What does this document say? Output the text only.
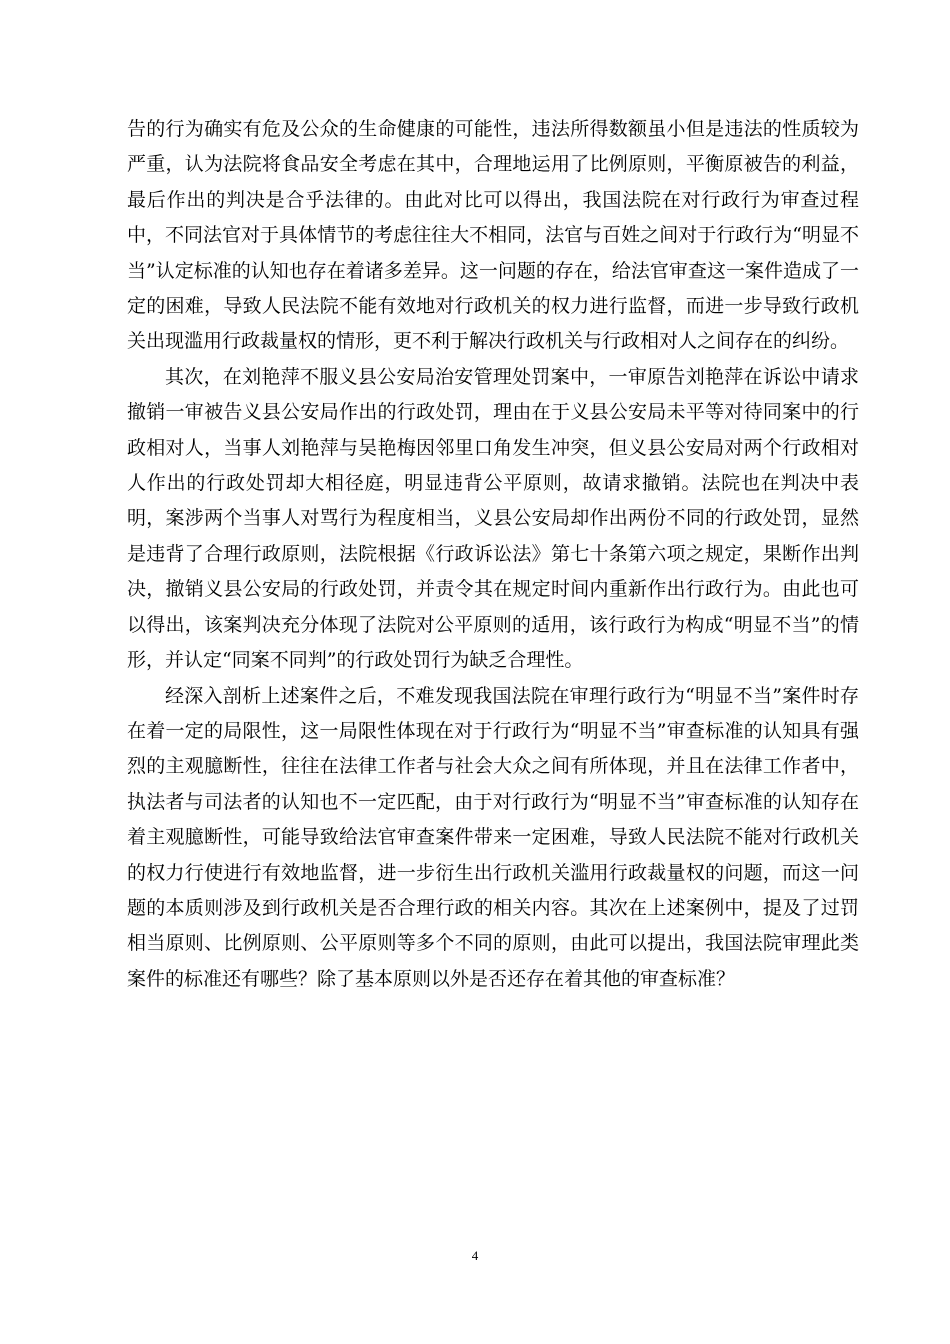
告的行为确实有危及公众的生命健康的可能性，违法所得数额虽小但是违法的性质较为严重，认为法院将食品安全考虑在其中，合理地运用了比例原则，平衡原被告的利益，最后作出的判决是合乎法律的。由此对比可以得出，我国法院在对行政行为审查过程中，不同法官对于具体情节的考虑往往大不相同，法官与百姓之间对于行政行为“明显不当”认定标准的认知也存在着诸多差异。这一问题的存在，给法官审查这一案件造成了一定的困难，导致人民法院不能有效地对行政机关的权力进行监督，而进一步导致行政机关出现滥用行政裁量权的情形，更不利于解决行政机关与行政相对人之间存在的纠纷。

其次，在刘艳萍不服义县公安局治安管理处罚案中，一审原告刘艳萍在诉讼中请求撤销一审被告义县公安局作出的行政处罚，理由在于义县公安局未平等对待同案中的行政相对人，当事人刘艳萍与吴艳梅因邻里口角发生冲突，但义县公安局对两个行政相对人作出的行政处罚却大相径庭，明显违背公平原则，故请求撤销。法院也在判决中表明，案涉两个当事人对骂行为程度相当，义县公安局却作出两份不同的行政处罚，显然是违背了合理行政原则，法院根据《行政诉讼法》第七十条第六项之规定，果断作出判决，撤销义县公安局的行政处罚，并责令其在规定时间内重新作出行政行为。由此也可以得出，该案判决充分体现了法院对公平原则的适用，该行政行为构成“明显不当”的情形，并认定“同案不同判”的行政处罚行为缺乏合理性。

经深入剖析上述案件之后，不难发现我国法院在审理行政行为“明显不当”案件时存在着一定的局限性，这一局限性体现在对于行政行为“明显不当”审查标准的认知具有强烈的主观臆断性，往往在法律工作者与社会大众之间有所体现，并且在法律工作者中，执法者与司法者的认知也不一定匹配，由于对行政行为“明显不当”审查标准的认知存在着主观臆断性，可能导致给法官审查案件带来一定困难，导致人民法院不能对行政机关的权力行使进行有效地监督，进一步衍生出行政机关滥用行政裁量权的问题，而这一问题的本质则涉及到行政机关是否合理行政的相关内容。其次在上述案例中，提及了过罚相当原则、比例原则、公平原则等多个不同的原则，由此可以提出，我国法院审理此类案件的标准还有哪些？除了基本原则以外是否还存在着其他的审查标准？

4
